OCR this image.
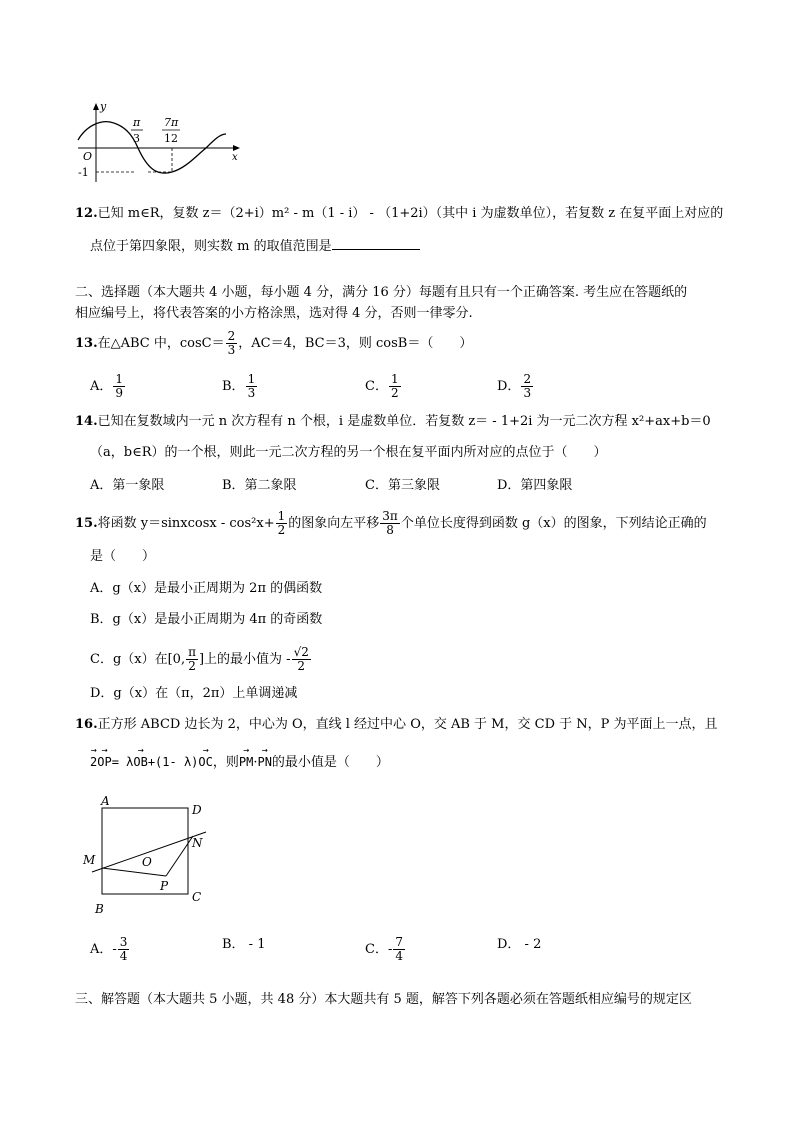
y
x
O
-1
π
3
7π
12
12.已知 m∈R，复数 z＝（2+i）m² - m（1 - i） - （1+2i）（其中 i 为虚数单位），若复数 z 在复平面上对应的
点位于第四象限，则实数 m 的取值范围是
二、选择题（本大题共 4 小题，每小题 4 分，满分 16 分）每题有且只有一个正确答案. 考生应在答题纸的
相应编号上，将代表答案的小方格涂黑，选对得 4 分，否则一律零分.
13.在△ABC 中，$\cos C= \frac{2}{3}$ ，AC＝4，BC＝3，则 cosB＝（　　）
A． $\frac{1}{9}$	B． $\frac{1}{3}$	C． $\frac{1}{2}$	D． $\frac{2}{3}$
14.已知在复数域内一元 n 次方程有 n 个根，i 是虚数单位．若复数 z＝ - 1+2i 为一元二次方程 x²+ax+b＝0
（a，b∈R）的一个根，则此一元二次方程的另一个根在复平面内所对应的点位于（　　）
A．第一象限	B．第二象限	C．第三象限	D．第四象限
15.将函数 y＝sinxcosx - $\cos^2x+ \frac{1}{2}$ 的图象向左平移 $\frac{3\pi}{8}$ 个单位长度得到函数 g（x）的图象，下列结论正确的
是（　　）
A．g（x）是最小正周期为 2π 的偶函数
B．g（x）是最小正周期为 4π 的奇函数
C．g（x）在[0, $\frac{\pi}{2}$ ]上的最小值为 - $\frac{√2}{2}$
D．g（x）在（π，2π）上单调递减
16.正方形 ABCD 边长为 2，中心为 O，直线 l 经过中心 O，交 AB 于 M，交 CD 于 N，P 为平面上一点，且
→ 2→ OP= λ→ OB+(1- λ)→ OC，则→ PM·→ PN的最小值是（　　）
A
D
N
M	O
P
B
C
A．- $\frac{3}{4}$	B． - 1	C．- $\frac{7}{4}$	D． - 2
三、解答题（本大题共 5 小题，共 48 分）本大题共有 5 题，解答下列各题必须在答题纸相应编号的规定区
